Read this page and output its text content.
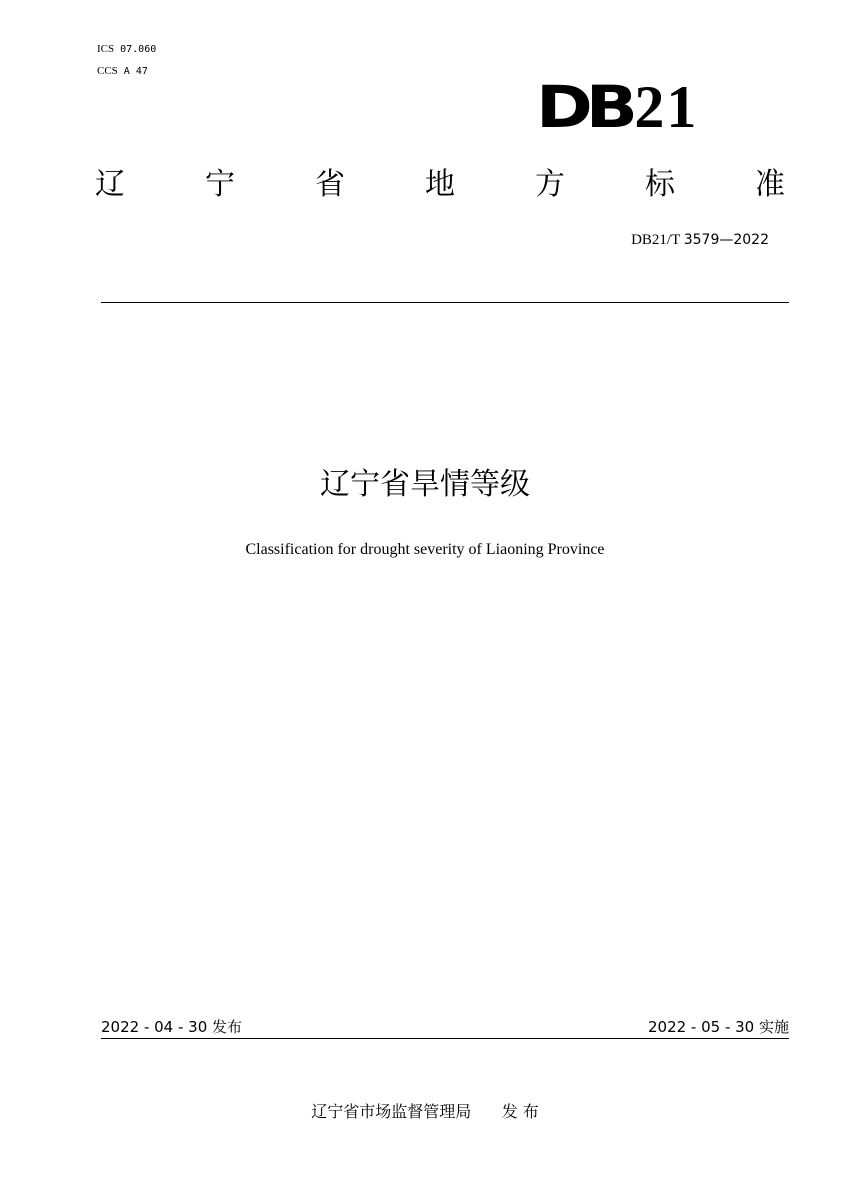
ICS 07.060
CCS A 47
DB 21
辽	宁	省	地	方	标	准
DB21/T 3579—2022
辽宁省旱情等级
Classification for drought severity of Liaoning Province
2022 - 04 - 30 发布	2022 - 05 - 30 实施
辽宁省市场监督管理局 发 布
